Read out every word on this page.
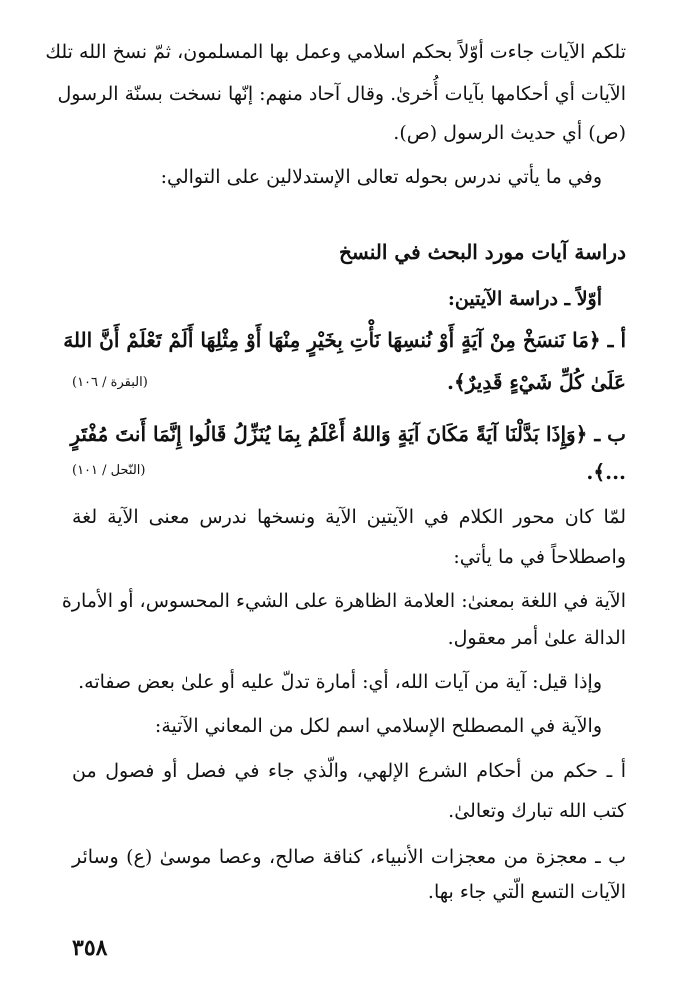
تلكم الآيات جاءت أوّلاً بحكم اسلامي وعمل بها المسلمون، ثمّ نسخ الله تلك
الآيات أي أحكامها بآيات أُخرىٰ. وقال آحاد منهم: إنّها نسخت بسنّة الرسول
(ص) أي حديث الرسول (ص).
وفي ما يأتي ندرس بحوله تعالى الإستدلالين على التوالي:
دراسة آيات مورد البحث في النسخ
أوّلاً ـ دراسة الآيتين:
أ ـ ﴿مَا نَنسَخْ مِنْ آيَةٍ أَوْ نُنسِهَا نَأْتِ بِخَيْرٍ مِنْهَا أَوْ مِثْلِهَا أَلَمْ تَعْلَمْ أَنَّ اللهَ
عَلَىٰ كُلِّ شَيْءٍ قَدِيرٌ﴾.
(البقرة / ١٠٦)
ب ـ ﴿وَإِذَا بَدَّلْنَا آيَةً مَكَانَ آيَةٍ وَاللهُ أَعْلَمُ بِمَا يُنَزِّلُ قَالُوا إِنَّمَا أَنتَ مُفْتَرٍ
...﴾.
(النّحل / ١٠١)
لمّا كان محور الكلام في الآيتين الآية ونسخها ندرس معنى الآية لغة
واصطلاحاً في ما يأتي:
الآية في اللغة بمعنىٰ: العلامة الظاهرة على الشيء المحسوس، أو الأمارة
الدالة علىٰ أمر معقول.
وإذا قيل: آية من آيات الله، أي: أمارة تدلّ عليه أو علىٰ بعض صفاته.
والآية في المصطلح الإسلامي اسم لكل من المعاني الآتية:
أ ـ حكم من أحكام الشرع الإلهي، والّذي جاء في فصل أو فصول من
كتب الله تبارك وتعالىٰ.
ب ـ معجزة من معجزات الأنبياء، كناقة صالح، وعصا موسىٰ (ع) وسائر
الآيات التسع الّتي جاء بها.
٣٥٨
